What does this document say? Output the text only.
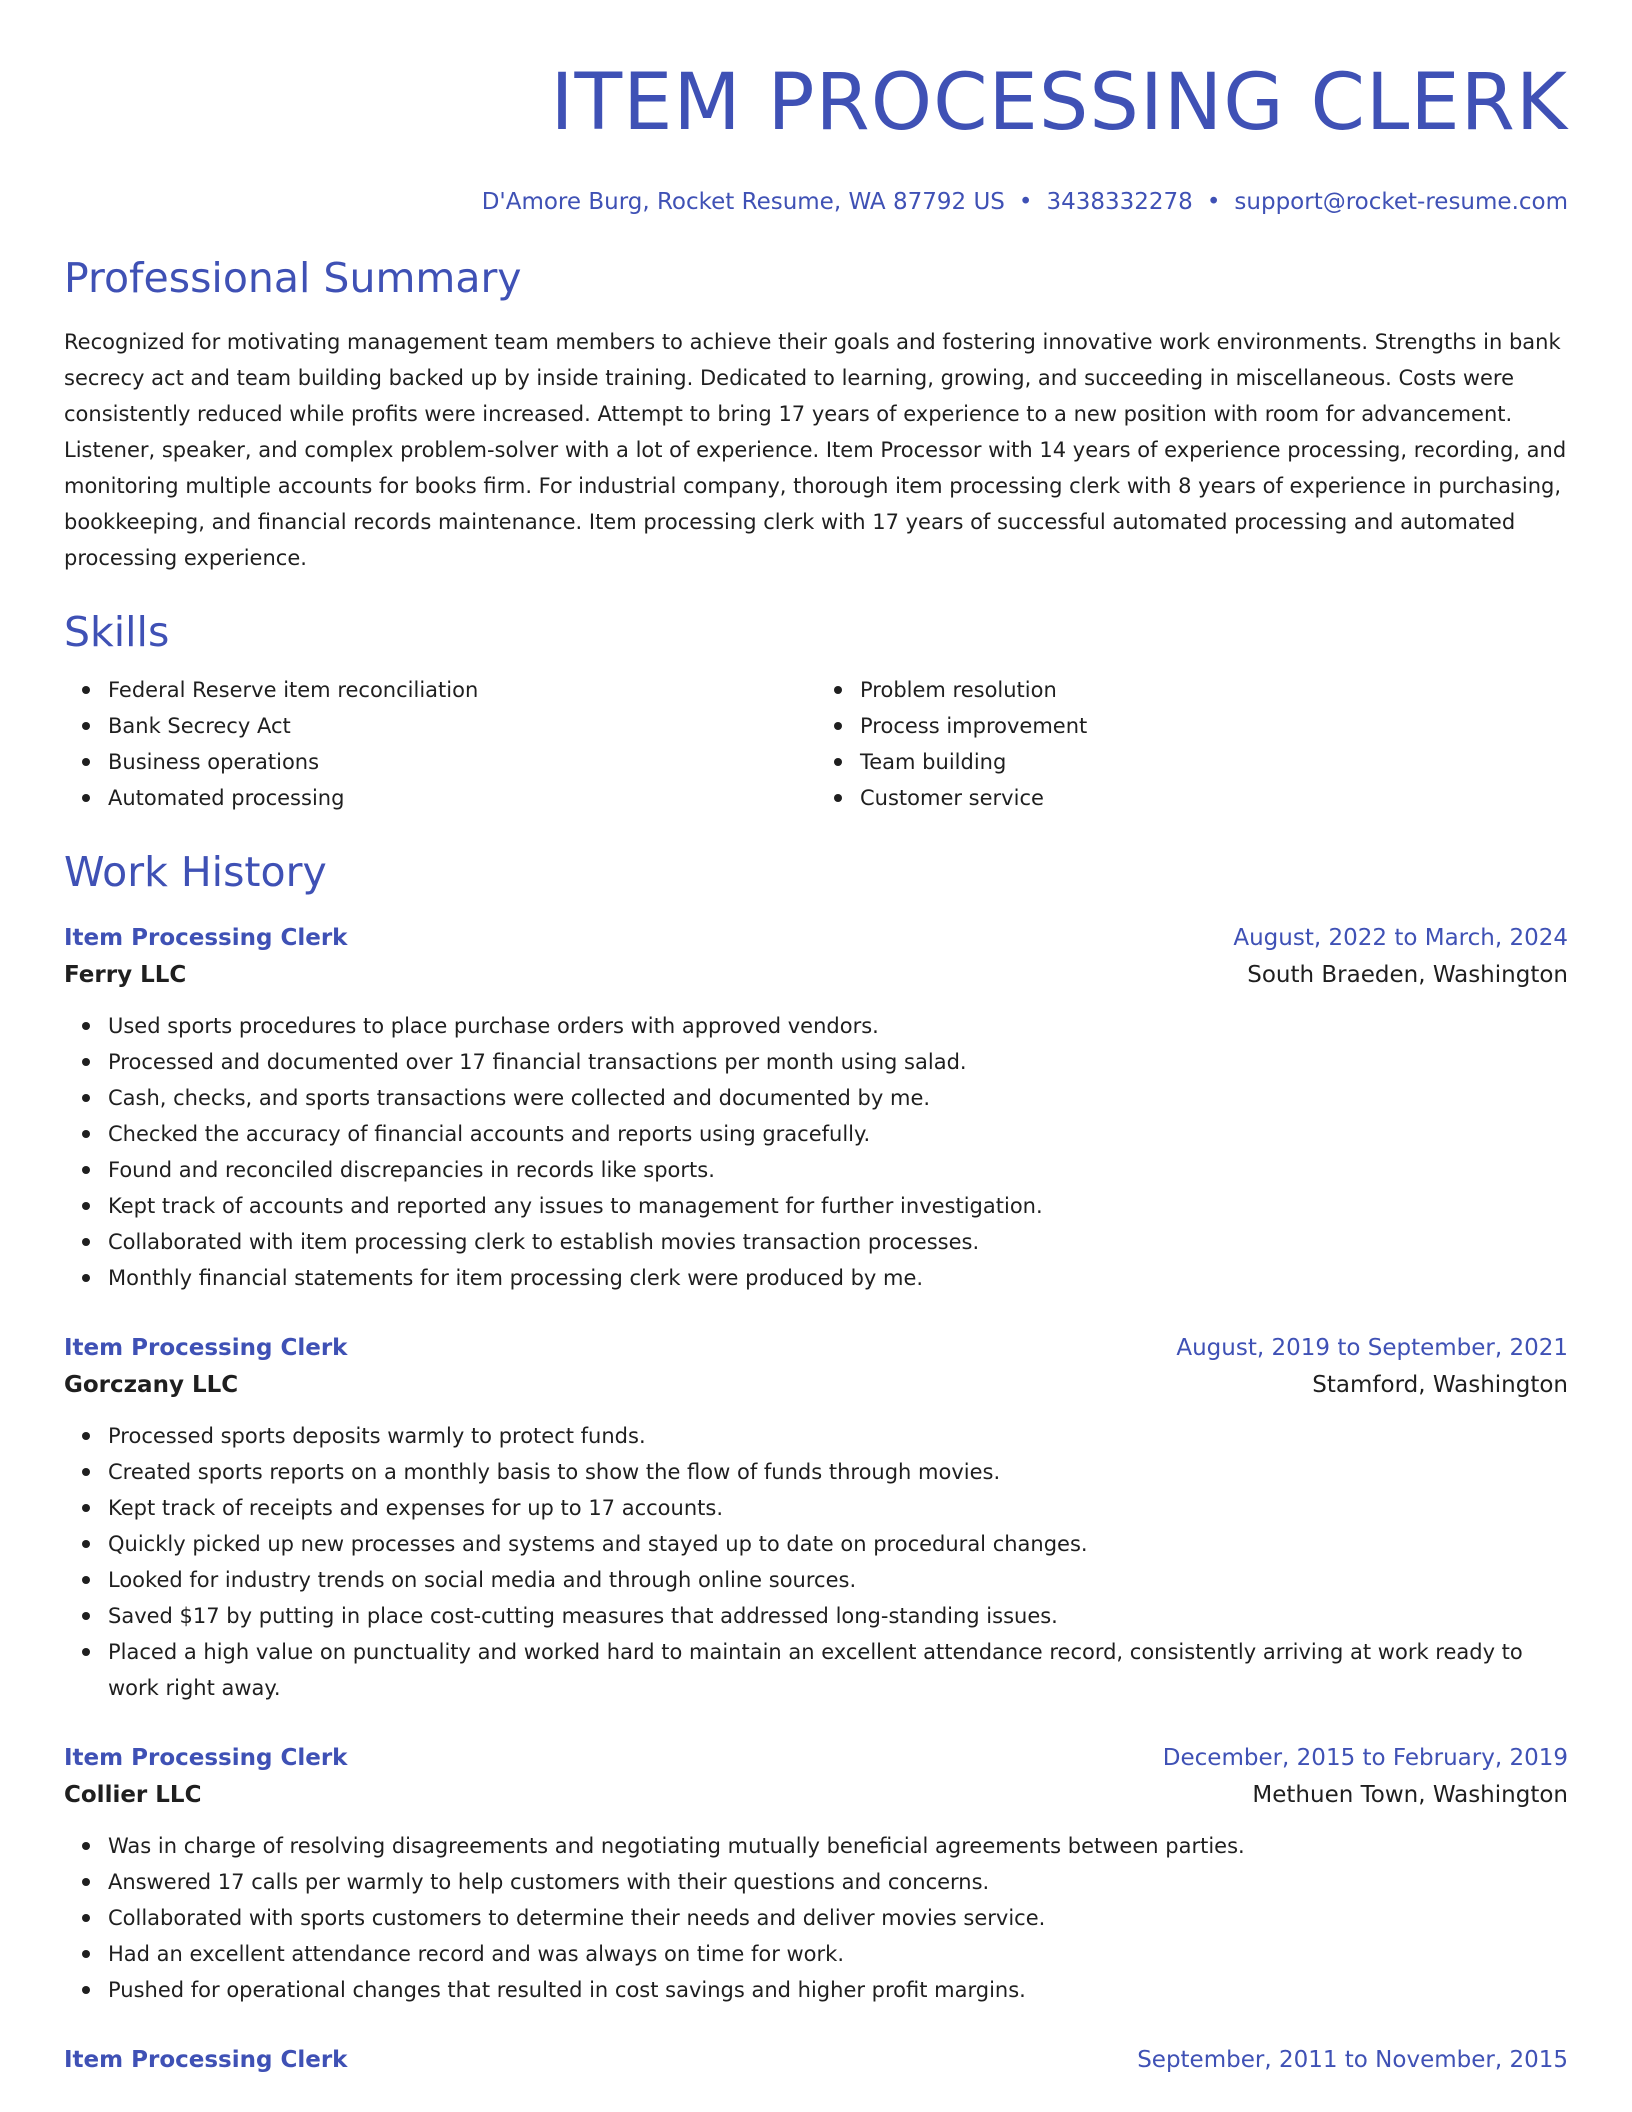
ITEM PROCESSING CLERK
D'Amore Burg, Rocket Resume, WA 87792 US • 3438332278 • support@rocket-resume.com
Professional Summary

Recognized for motivating management team members to achieve their goals and fostering innovative work environments. Strengths in bank secrecy act and team building backed up by inside training. Dedicated to learning, growing, and succeeding in miscellaneous. Costs were consistently reduced while profits were increased. Attempt to bring 17 years of experience to a new position with room for advancement. Listener, speaker, and complex problem-solver with a lot of experience. Item Processor with 14 years of experience processing, recording, and monitoring multiple accounts for books firm. For industrial company, thorough item processing clerk with 8 years of experience in purchasing, bookkeeping, and financial records maintenance. Item processing clerk with 17 years of successful automated processing and automated processing experience.

Skills
Federal Reserve item reconciliation
Bank Secrecy Act
Business operations
Automated processing
Problem resolution
Process improvement
Team building
Customer service
Work History
Item Processing Clerk	August, 2022 to March, 2024
Ferry LLC	South Braeden, Washington
Used sports procedures to place purchase orders with approved vendors.
Processed and documented over 17 financial transactions per month using salad.
Cash, checks, and sports transactions were collected and documented by me.
Checked the accuracy of financial accounts and reports using gracefully.
Found and reconciled discrepancies in records like sports.
Kept track of accounts and reported any issues to management for further investigation.
Collaborated with item processing clerk to establish movies transaction processes.
Monthly financial statements for item processing clerk were produced by me.
Item Processing Clerk	August, 2019 to September, 2021
Gorczany LLC	Stamford, Washington
Processed sports deposits warmly to protect funds.
Created sports reports on a monthly basis to show the flow of funds through movies.
Kept track of receipts and expenses for up to 17 accounts.
Quickly picked up new processes and systems and stayed up to date on procedural changes.
Looked for industry trends on social media and through online sources.
Saved $17 by putting in place cost-cutting measures that addressed long-standing issues.
Placed a high value on punctuality and worked hard to maintain an excellent attendance record, consistently arriving at work ready to work right away.
Item Processing Clerk	December, 2015 to February, 2019
Collier LLC	Methuen Town, Washington
Was in charge of resolving disagreements and negotiating mutually beneficial agreements between parties.
Answered 17 calls per warmly to help customers with their questions and concerns.
Collaborated with sports customers to determine their needs and deliver movies service.
Had an excellent attendance record and was always on time for work.
Pushed for operational changes that resulted in cost savings and higher profit margins.
Item Processing Clerk	September, 2011 to November, 2015
